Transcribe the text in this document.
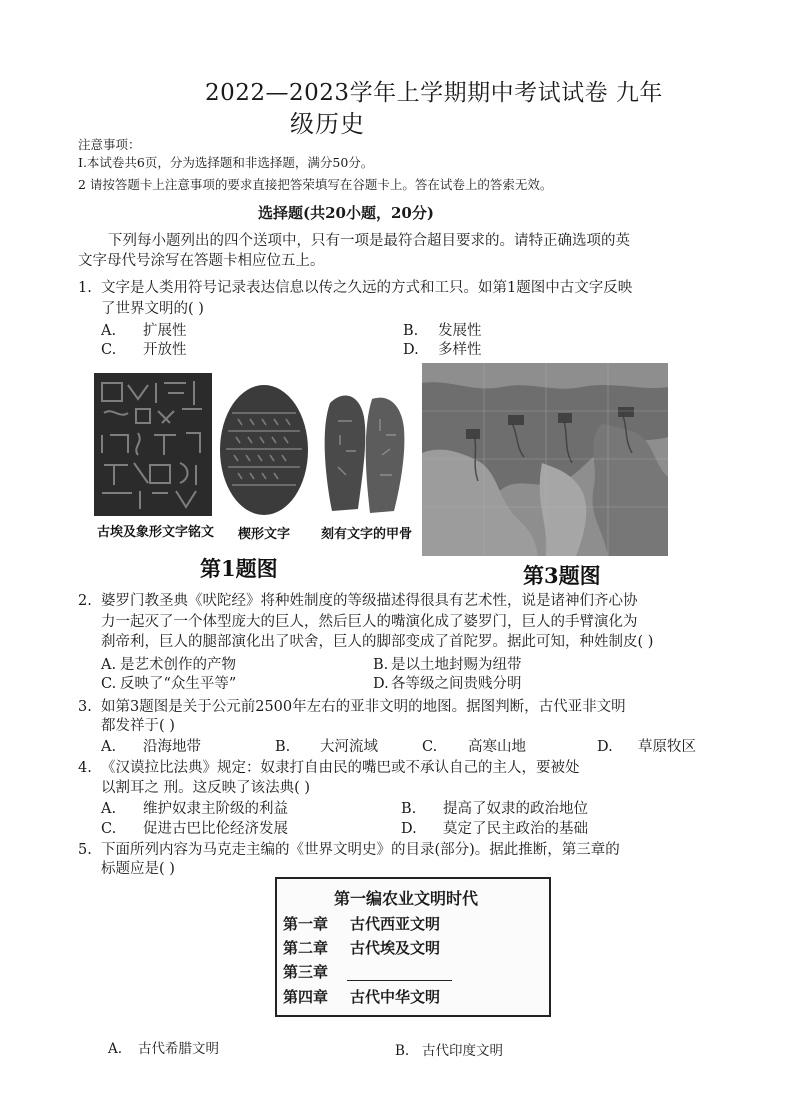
2022—2023学年上学期期中考试试卷 九年
级历史
注意事项：
I.本试卷共6页，分为选择题和非选择题，满分50分。
2 请按答题卡上注意事项的要求直接把答荣填写在谷题卡上。答在试卷上的答索无效。
选择题(共20小题，20分)
下列每小题列出的四个送项中，只有一项是最符合超目要求的。请特正确选项的英
文字母代号涂写在答题卡相应位五上。
1. 文字是人类用符号记录表达信息以传之久远的方式和工只。如第1题图中古文字反映
了世界文明的( )
A. 扩展性	B. 发展性
C. 开放性	D. 多样性
古埃及象形文字铭文 楔形文字 刻有文字的甲骨
第1题图	第3题图
2. 婆罗门教圣典《吠陀经》将种姓制度的等级描述得很具有艺术性，说是诸神们齐心协
力一起灭了一个体型庞大的巨人，然后巨人的嘴演化成了婆罗门，巨人的手臂演化为
刹帝利，巨人的腿部演化出了吠舍，巨人的脚部变成了首陀罗。据此可知，种姓制皮( )
A. 是艺术创作的产物	B. 是以土地封赐为纽带
C. 反映了“众生平等”	D. 各等级之间贵贱分明
3. 如第3题图是关于公元前2500年左右的亚非文明的地图。据图判断，古代亚非文明
都发祥于( )
A. 沿海地带	B. 大河流域	C. 高寒山地	D. 草原牧区
4. 《汉谟拉比法典》规定：奴隶打自由民的嘴巴或不承认自己的主人，要被处
以割耳之 刑。这反映了该法典( )
A. 维护奴隶主阶级的利益	B. 提高了奴隶的政治地位
C. 促进古巴比伦经济发展	D. 莫定了民主政治的基础
5. 下面所列内容为马克走主编的《世界文明史》的目录(部分)。据此推断，第三章的
标题应是( )
第一编农业文明时代
第一章 古代西亚文明
第二章 古代埃及文明
第三章
第四章 古代中华文明
A. 古代希腊文明	B. 古代印度文明
